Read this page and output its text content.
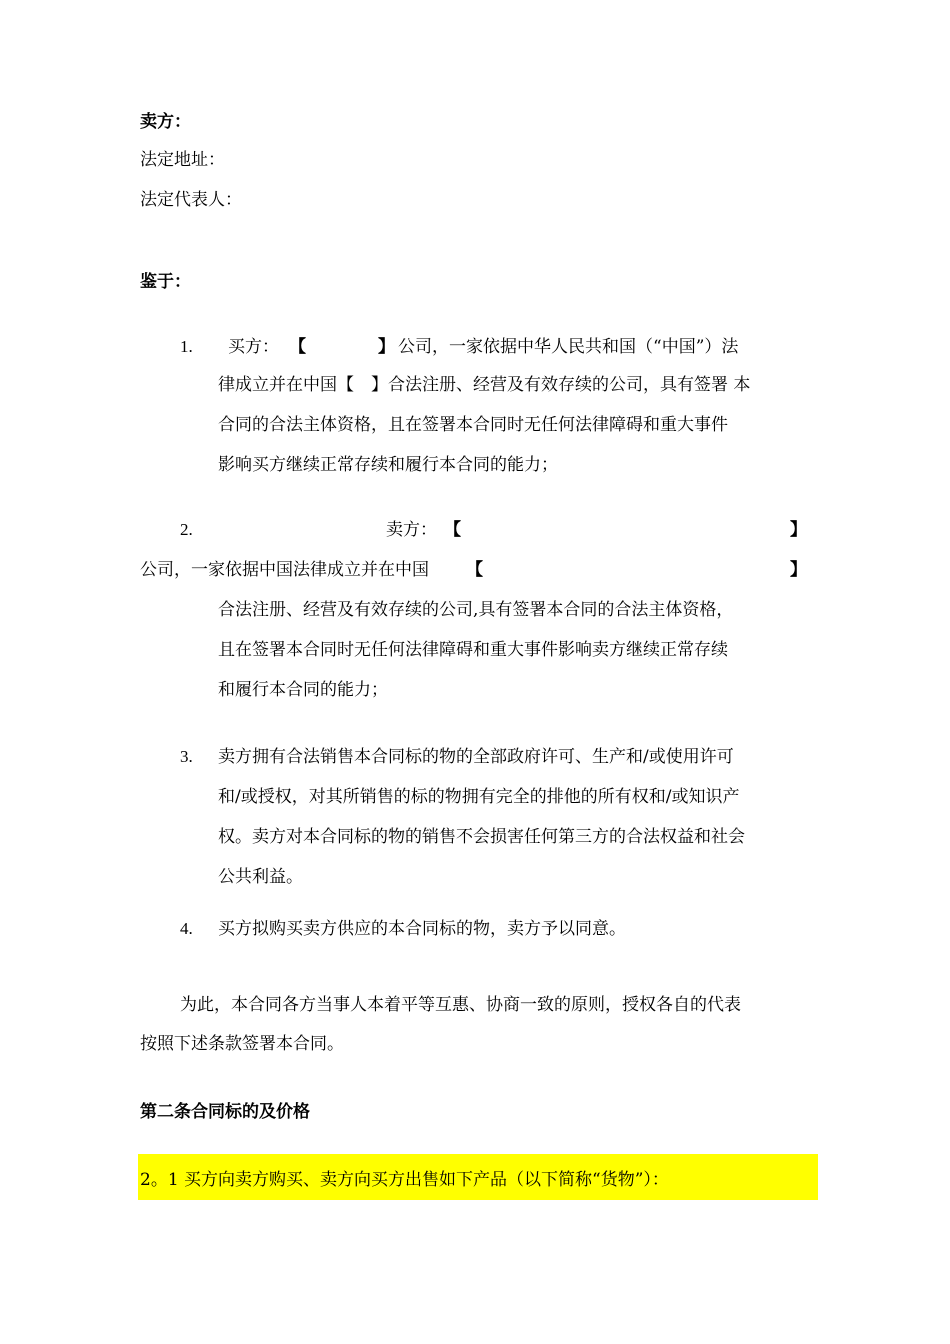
卖方：
法定地址：
法定代表人：
鉴于：
1. 买方： 【	】 公司，一家依据中华人民共和国（“中国”）法
律成立并在中国【　】合法注册、经营及有效存续的公司，具有签署 本
合同的合法主体资格，且在签署本合同时无任何法律障碍和重大事件
影响买方继续正常存续和履行本合同的能力；
2.	卖方： 【	】
公司，一家依据中国法律成立并在中国 【	】
合法注册、经营及有效存续的公司,具有签署本合同的合法主体资格，
且在签署本合同时无任何法律障碍和重大事件影响卖方继续正常存续
和履行本合同的能力；
3. 卖方拥有合法销售本合同标的物的全部政府许可、生产和/或使用许可
和/或授权，对其所销售的标的物拥有完全的排他的所有权和/或知识产
权。卖方对本合同标的物的销售不会损害任何第三方的合法权益和社会
公共利益。
4. 买方拟购买卖方供应的本合同标的物，卖方予以同意。
为此，本合同各方当事人本着平等互惠、协商一致的原则，授权各自的代表
按照下述条款签署本合同。
第二条合同标的及价格
2。1 买方向卖方购买、卖方向买方出售如下产品（以下简称“货物”）：
